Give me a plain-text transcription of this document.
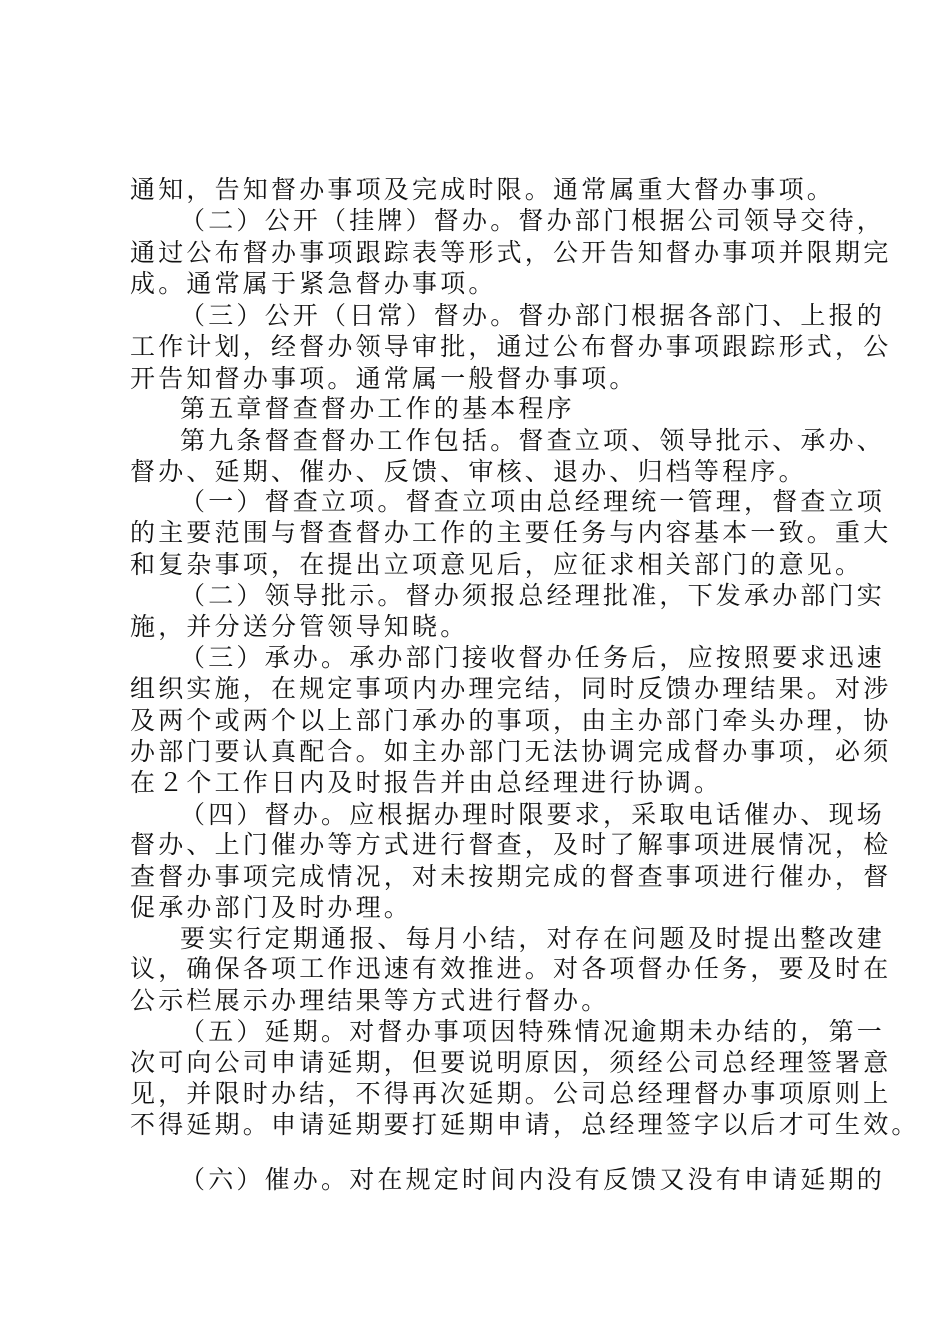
通知，告知督办事项及完成时限。通常属重大督办事项。
（二）公开（挂牌）督办。督办部门根据公司领导交待，
通过公布督办事项跟踪表等形式，公开告知督办事项并限期完
成。通常属于紧急督办事项。
（三）公开（日常）督办。督办部门根据各部门、上报的
工作计划，经督办领导审批，通过公布督办事项跟踪形式，公
开告知督办事项。通常属一般督办事项。
第五章督查督办工作的基本程序
第九条督查督办工作包括。督查立项、领导批示、承办、
督办、延期、催办、反馈、审核、退办、归档等程序。
（一）督查立项。督查立项由总经理统一管理，督查立项
的主要范围与督查督办工作的主要任务与内容基本一致。重大
和复杂事项，在提出立项意见后，应征求相关部门的意见。
（二）领导批示。督办须报总经理批准，下发承办部门实
施，并分送分管领导知晓。
（三）承办。承办部门接收督办任务后，应按照要求迅速
组织实施，在规定事项内办理完结，同时反馈办理结果。对涉
及两个或两个以上部门承办的事项，由主办部门牵头办理，协
办部门要认真配合。如主办部门无法协调完成督办事项，必须
在２个工作日内及时报告并由总经理进行协调。
（四）督办。应根据办理时限要求，采取电话催办、现场
督办、上门催办等方式进行督查，及时了解事项进展情况，检
查督办事项完成情况，对未按期完成的督查事项进行催办，督
促承办部门及时办理。
要实行定期通报、每月小结，对存在问题及时提出整改建
议，确保各项工作迅速有效推进。对各项督办任务，要及时在
公示栏展示办理结果等方式进行督办。
（五）延期。对督办事项因特殊情况逾期未办结的，第一
次可向公司申请延期，但要说明原因，须经公司总经理签署意
见，并限时办结，不得再次延期。公司总经理督办事项原则上
不得延期。申请延期要打延期申请，总经理签字以后才可生效。
（六）催办。对在规定时间内没有反馈又没有申请延期的
